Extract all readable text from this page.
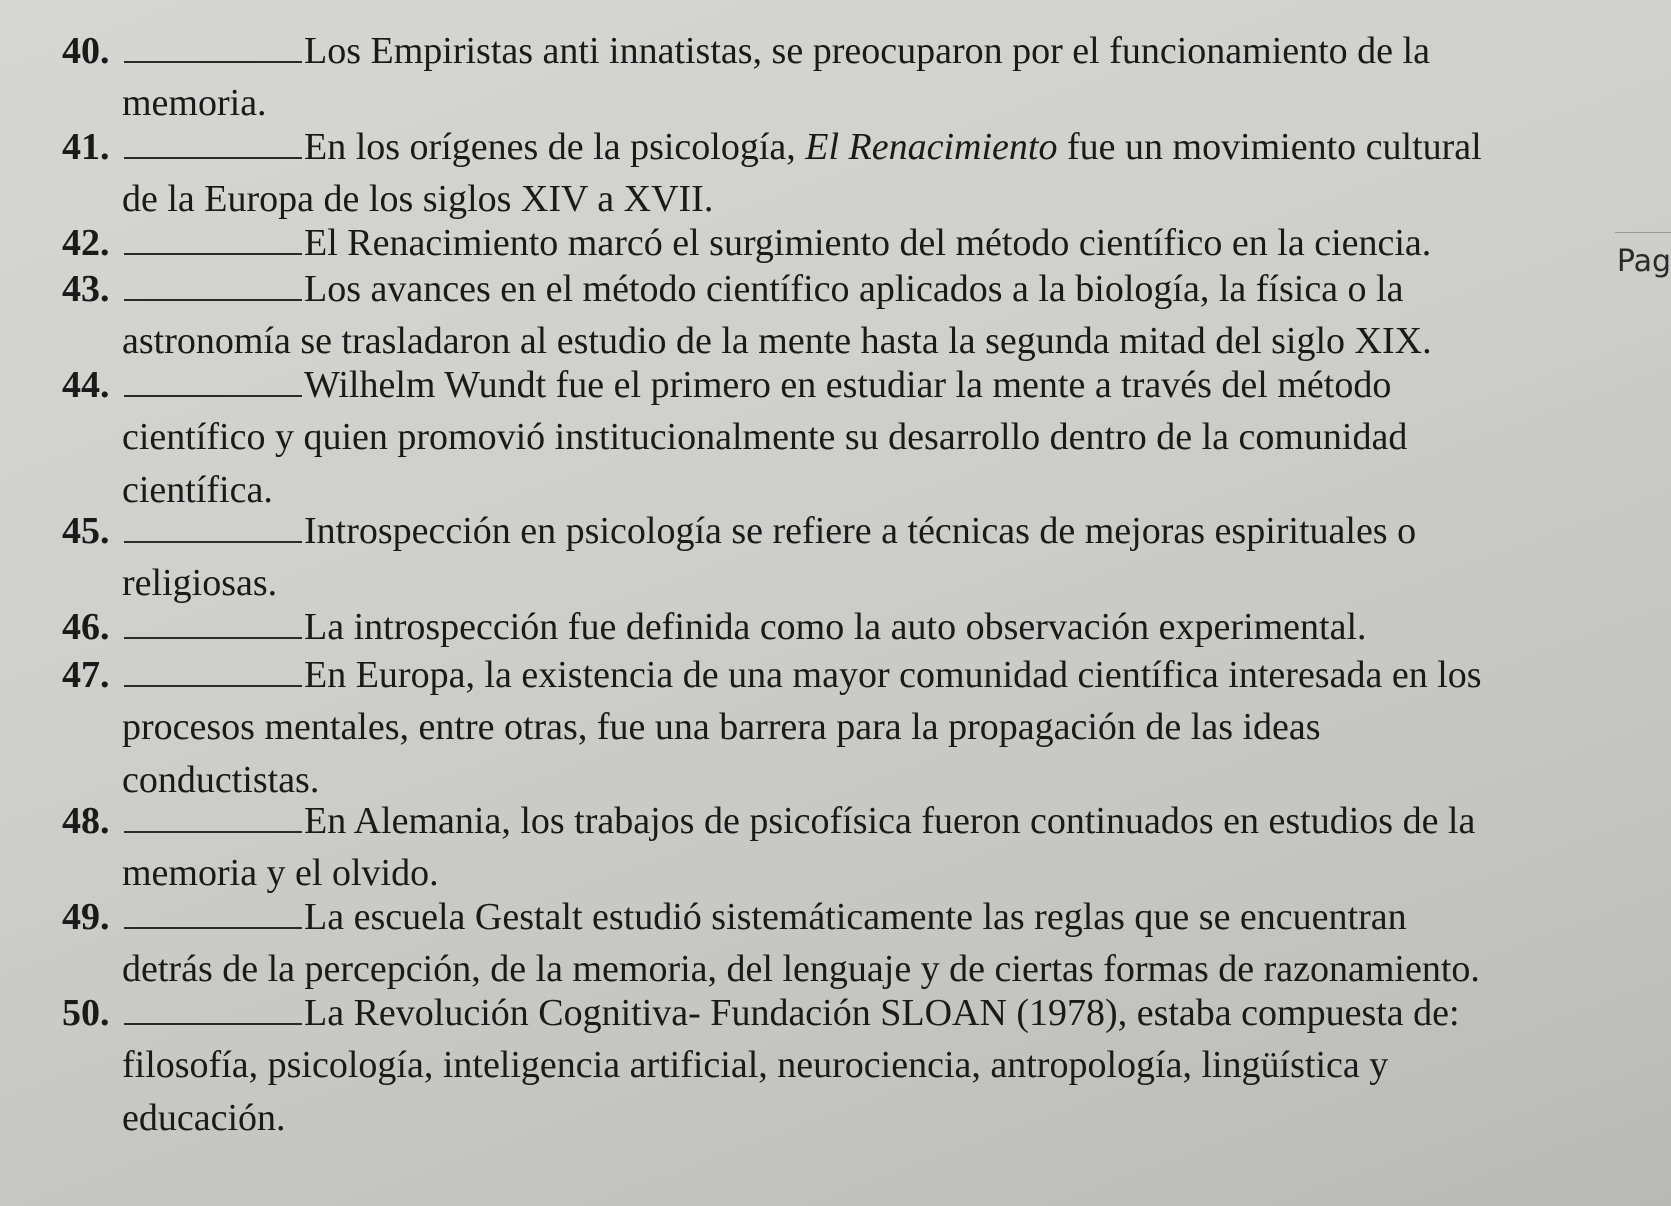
40.	Los Empiristas anti innatistas, se preocuparon por el funcionamiento de la
memoria.
41.	En los orígenes de la psicología, El Renacimiento fue un movimiento cultural
de la Europa de los siglos XIV a XVII.
42.	El Renacimiento marcó el surgimiento del método científico en la ciencia.
43.	Los avances en el método científico aplicados a la biología, la física o la
astronomía se trasladaron al estudio de la mente hasta la segunda mitad del siglo XIX.
44.	Wilhelm Wundt fue el primero en estudiar la mente a través del método
científico y quien promovió institucionalmente su desarrollo dentro de la comunidad
científica.
45.	Introspección en psicología se refiere a técnicas de mejoras espirituales o
religiosas.
46.	La introspección fue definida como la auto observación experimental.
47.	En Europa, la existencia de una mayor comunidad científica interesada en los
procesos mentales, entre otras, fue una barrera para la propagación de las ideas
conductistas.
48.	En Alemania, los trabajos de psicofísica fueron continuados en estudios de la
memoria y el olvido.
49.	La escuela Gestalt estudió sistemáticamente las reglas que se encuentran
detrás de la percepción, de la memoria, del lenguaje y de ciertas formas de razonamiento.
50.	La Revolución Cognitiva- Fundación SLOAN (1978), estaba compuesta de:
filosofía, psicología, inteligencia artificial, neurociencia, antropología, lingüística y
educación.
Pag
